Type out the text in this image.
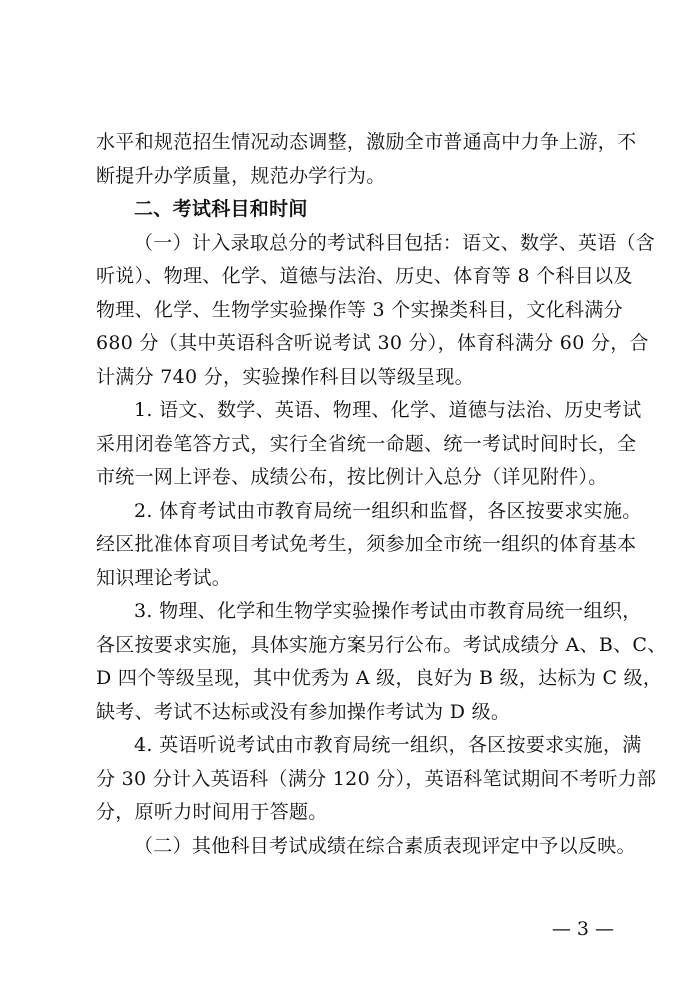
水平和规范招生情况动态调整，激励全市普通高中力争上游，不
断提升办学质量，规范办学行为。
二、考试科目和时间
（一）计入录取总分的考试科目包括：语文、数学、英语（含
听说）、物理、化学、道德与法治、历史、体育等 8 个科目以及
物理、化学、生物学实验操作等 3 个实操类科目，文化科满分
680 分（其中英语科含听说考试 30 分），体育科满分 60 分，合
计满分 740 分，实验操作科目以等级呈现。
1. 语文、数学、英语、物理、化学、道德与法治、历史考试
采用闭卷笔答方式，实行全省统一命题、统一考试时间时长，全
市统一网上评卷、成绩公布，按比例计入总分（详见附件）。
2. 体育考试由市教育局统一组织和监督，各区按要求实施。
经区批准体育项目考试免考生，须参加全市统一组织的体育基本
知识理论考试。
3. 物理、化学和生物学实验操作考试由市教育局统一组织，
各区按要求实施，具体实施方案另行公布。考试成绩分 A、B、C、
D 四个等级呈现，其中优秀为 A 级，良好为 B 级，达标为 C 级，
缺考、考试不达标或没有参加操作考试为 D 级。
4. 英语听说考试由市教育局统一组织，各区按要求实施，满
分 30 分计入英语科（满分 120 分），英语科笔试期间不考听力部
分，原听力时间用于答题。
（二）其他科目考试成绩在综合素质表现评定中予以反映。
— 3 —
